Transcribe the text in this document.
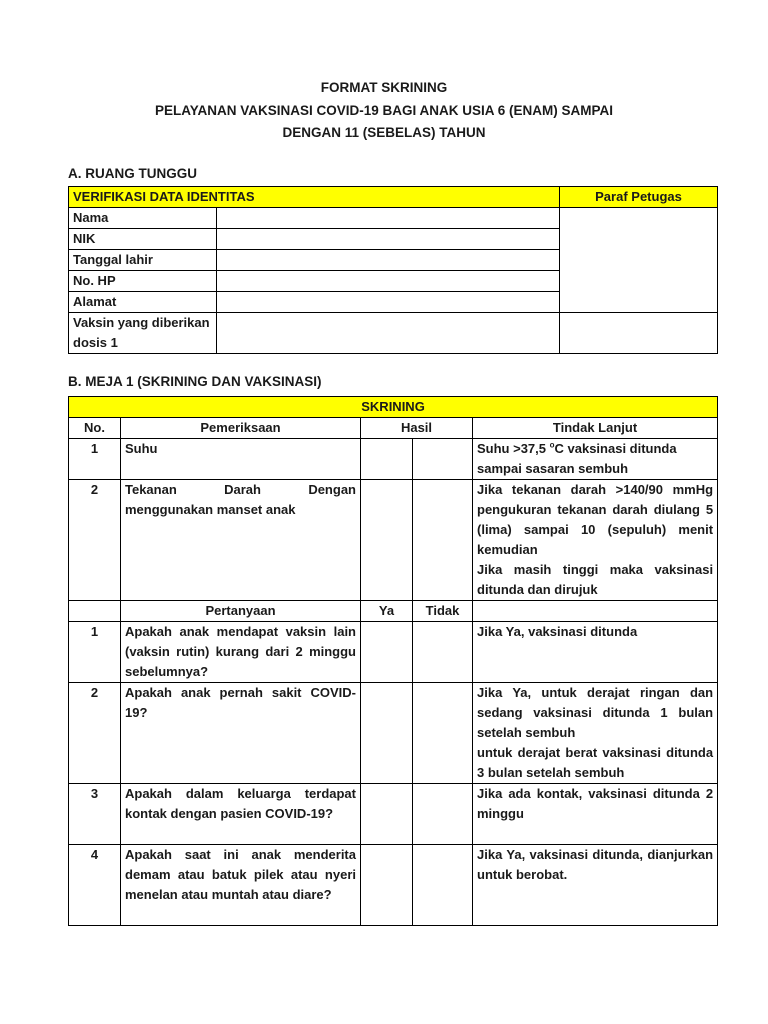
FORMAT SKRINING
PELAYANAN VAKSINASI COVID-19 BAGI ANAK USIA 6 (ENAM) SAMPAI
DENGAN 11 (SEBELAS) TAHUN
A. RUANG TUNGGU
VERIFIKASI DATA IDENTITAS		Paraf Petugas
Nama		
NIK		
Tanggal lahir		
No. HP		
Alamat		
Vaksin yang diberikan dosis 1		
B. MEJA 1 (SKRINING DAN VAKSINASI)
SKRINING				
No.	Pemeriksaan	Hasil		Tindak Lanjut
1	Suhu			Suhu >37,5 $^o$C vaksinasi ditunda sampai sasaran sembuh
2	Tekanan Darah Dengan menggunakan manset anak			Jika tekanan darah >140/90 mmHg pengukuran tekanan darah diulang 5 (lima) sampai 10 (sepuluh) menit kemudian
Jika masih tinggi maka vaksinasi ditunda dan dirujuk

	Pertanyaan	Ya	Tidak	
1	Apakah anak mendapat vaksin lain (vaksin rutin) kurang dari 2 minggu sebelumnya?			Jika Ya, vaksinasi ditunda
2	Apakah anak pernah sakit COVID- 19?			Jika Ya, untuk derajat ringan dan sedang vaksinasi ditunda 1 bulan setelah sembuh
untuk derajat berat vaksinasi ditunda 3 bulan setelah sembuh

3	Apakah dalam keluarga terdapat kontak dengan pasien COVID-19?			Jika ada kontak, vaksinasi ditunda 2 minggu
4	Apakah saat ini anak menderita demam atau batuk pilek atau nyeri menelan atau muntah atau diare?			Jika Ya, vaksinasi ditunda, dianjurkan untuk berobat.
